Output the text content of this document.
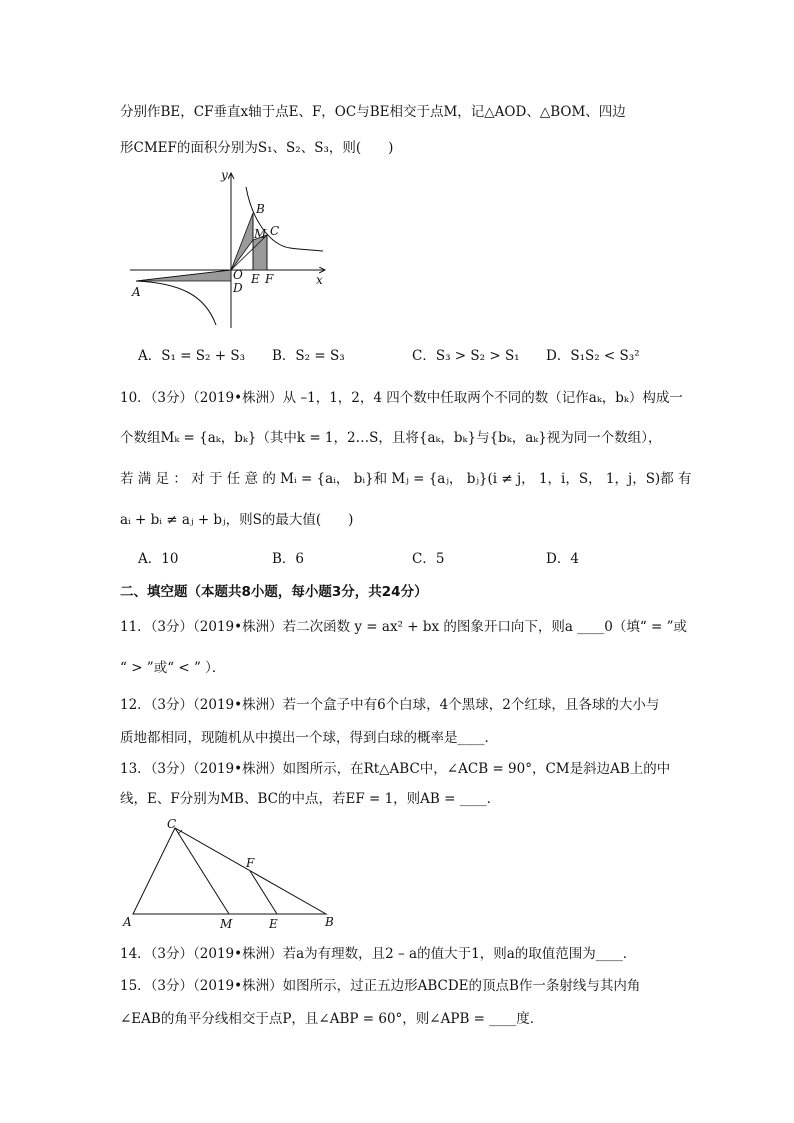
分别作BE，CF垂直x轴于点E、F，OC与BE相交于点M，记△AOD、△BOM、四边
形CMEF的面积分别为S₁、S₂、S₃，则(　　)
y
x
B
M C
O
D
E F
A
A．S₁ = S₂ + S₃ B．S₂ = S₃	C．S₃ > S₂ > S₁ D．S₁S₂ < S₃²
10．（3分）（2019•株洲）从 –1，1，2，4 四个数中任取两个不同的数（记作aₖ，bₖ）构成一
个数组Mₖ = {aₖ，bₖ}（其中k = 1，2…S，且将{aₖ，bₖ}与{bₖ，aₖ}视为同一个数组），
若 满 足 ： 对 于 任 意 的 Mᵢ = {aᵢ， bᵢ}和 Mⱼ = {aⱼ， bⱼ}(i ≠ j， 1，i，S， 1，j，S)都 有
aᵢ + bᵢ ≠ aⱼ + bⱼ，则S的最大值(　　)
A．10	B．6	C．5	D．4
二、填空题（本题共8小题，每小题3分，共24分）
11．（3分）（2019•株洲）若二次函数 y = ax² + bx 的图象开口向下，则a ____0（填“ = ”或
“ > ”或“ < ” ）．
12．（3分）（2019•株洲）若一个盒子中有6个白球，4个黑球，2个红球，且各球的大小与
质地都相同，现随机从中摸出一个球，得到白球的概率是____．
13．（3分）（2019•株洲）如图所示，在Rt△ABC中，∠ACB = 90°，CM是斜边AB上的中
线，E、F分别为MB、BC的中点，若EF = 1，则AB = ____．
C
F
A	M	E	B
14．（3分）（2019•株洲）若a为有理数，且2 – a的值大于1，则a的取值范围为____．
15．（3分）（2019•株洲）如图所示，过正五边形ABCDE的顶点B作一条射线与其内角
∠EAB的角平分线相交于点P，且∠ABP = 60°，则∠APB = ____度．
